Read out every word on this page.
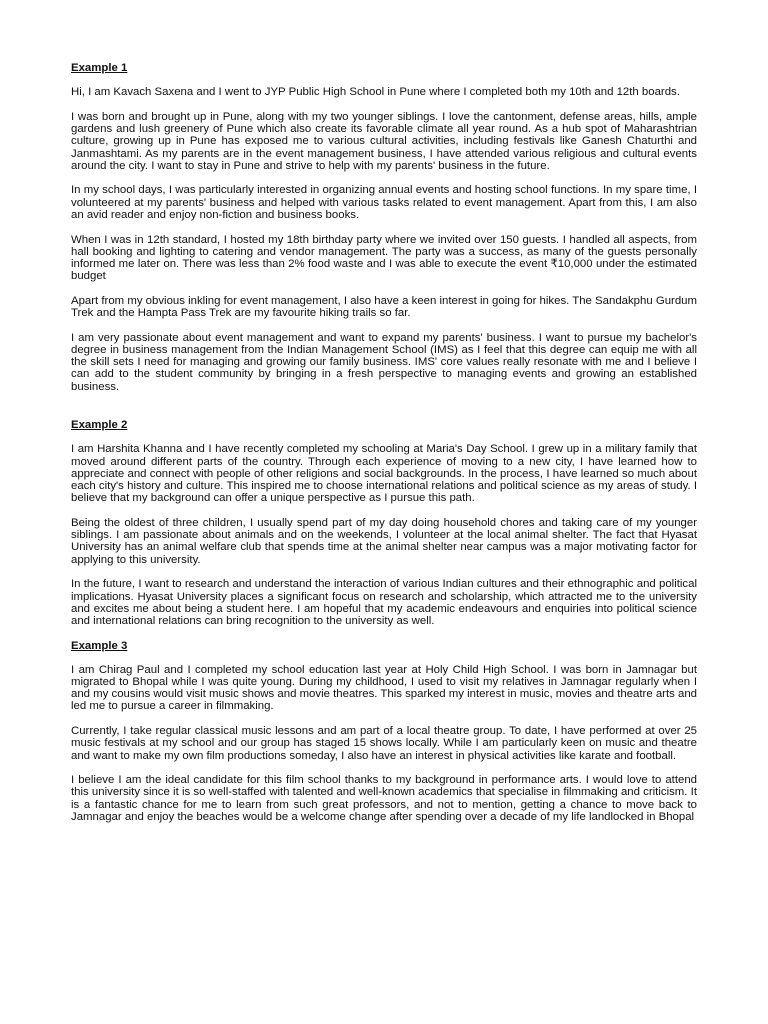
Example 1

Hi, I am Kavach Saxena and I went to JYP Public High School in Pune where I completed both my 10th and 12th boards.

I was born and brought up in Pune, along with my two younger siblings. I love the cantonment, defense areas, hills, ample gardens and lush greenery of Pune which also create its favorable climate all year round. As a hub spot of Maharashtrian culture, growing up in Pune has exposed me to various cultural activities, including festivals like Ganesh Chaturthi and Janmashtami. As my parents are in the event management business, I have attended various religious and cultural events around the city. I want to stay in Pune and strive to help with my parents' business in the future.

In my school days, I was particularly interested in organizing annual events and hosting school functions. In my spare time, I volunteered at my parents' business and helped with various tasks related to event management. Apart from this, I am also an avid reader and enjoy non-fiction and business books.

When I was in 12th standard, I hosted my 18th birthday party where we invited over 150 guests. I handled all aspects, from hall booking and lighting to catering and vendor management. The party was a success, as many of the guests personally informed me later on. There was less than 2% food waste and I was able to execute the event ₹10,000 under the estimated budget

Apart from my obvious inkling for event management, I also have a keen interest in going for hikes. The Sandakphu Gurdum Trek and the Hampta Pass Trek are my favourite hiking trails so far.

I am very passionate about event management and want to expand my parents' business. I want to pursue my bachelor's degree in business management from the Indian Management School (IMS) as I feel that this degree can equip me with all the skill sets I need for managing and growing our family business. IMS' core values really resonate with me and I believe I can add to the student community by bringing in a fresh perspective to managing events and growing an established business.

Example 2

I am Harshita Khanna and I have recently completed my schooling at Maria's Day School. I grew up in a military family that moved around different parts of the country. Through each experience of moving to a new city, I have learned how to appreciate and connect with people of other religions and social backgrounds. In the process, I have learned so much about each city's history and culture. This inspired me to choose international relations and political science as my areas of study. I believe that my background can offer a unique perspective as I pursue this path.

Being the oldest of three children, I usually spend part of my day doing household chores and taking care of my younger siblings. I am passionate about animals and on the weekends, I volunteer at the local animal shelter. The fact that Hyasat University has an animal welfare club that spends time at the animal shelter near campus was a major motivating factor for applying to this university.

In the future, I want to research and understand the interaction of various Indian cultures and their ethnographic and political implications. Hyasat University places a significant focus on research and scholarship, which attracted me to the university and excites me about being a student here. I am hopeful that my academic endeavours and enquiries into political science and international relations can bring recognition to the university as well.

Example 3

I am Chirag Paul and I completed my school education last year at Holy Child High School. I was born in Jamnagar but migrated to Bhopal while I was quite young. During my childhood, I used to visit my relatives in Jamnagar regularly when I and my cousins would visit music shows and movie theatres. This sparked my interest in music, movies and theatre arts and led me to pursue a career in filmmaking.

Currently, I take regular classical music lessons and am part of a local theatre group. To date, I have performed at over 25 music festivals at my school and our group has staged 15 shows locally. While I am particularly keen on music and theatre and want to make my own film productions someday, I also have an interest in physical activities like karate and football.

I believe I am the ideal candidate for this film school thanks to my background in performance arts. I would love to attend this university since it is so well-staffed with talented and well-known academics that specialise in filmmaking and criticism. It is a fantastic chance for me to learn from such great professors, and not to mention, getting a chance to move back to Jamnagar and enjoy the beaches would be a welcome change after spending over a decade of my life landlocked in Bhopal
